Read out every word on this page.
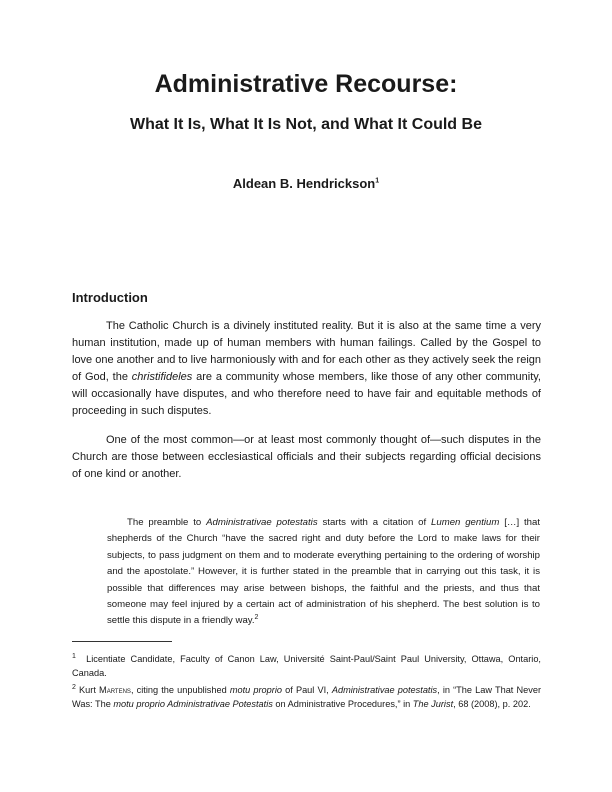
Administrative Recourse:
What It Is, What It Is Not, and What It Could Be
Aldean B. Hendrickson$^1$
Introduction

The Catholic Church is a divinely instituted reality. But it is also at the same time a very human institution, made up of human members with human failings. Called by the Gospel to love one another and to live harmoniously with and for each other as they actively seek the reign of God, the christifideles are a community whose members, like those of any other community, will occasionally have disputes, and who therefore need to have fair and equitable methods of proceeding in such disputes.

One of the most common—or at least most commonly thought of—such disputes in the Church are those between ecclesiastical officials and their subjects regarding official decisions of one kind or another.

The preamble to Administrativae potestatis starts with a citation of Lumen gentium […] that shepherds of the Church “have the sacred right and duty before the Lord to make laws for their subjects, to pass judgment on them and to moderate everything pertaining to the ordering of worship and the apostolate.” However, it is further stated in the preamble that in carrying out this task, it is possible that differences may arise between bishops, the faithful and the priests, and thus that someone may feel injured by a certain act of administration of his shepherd. The best solution is to settle this dispute in a friendly way.$^2$

$^1$ Licentiate Candidate, Faculty of Canon Law, Université Saint-Paul/Saint Paul University, Ottawa, Ontario, Canada.
$^2$ Kurt Martens, citing the unpublished motu proprio of Paul VI, Administrativae potestatis, in “The Law That Never Was: The motu proprio Administrativae Potestatis on Administrative Procedures,” in The Jurist, 68 (2008), p. 202.
